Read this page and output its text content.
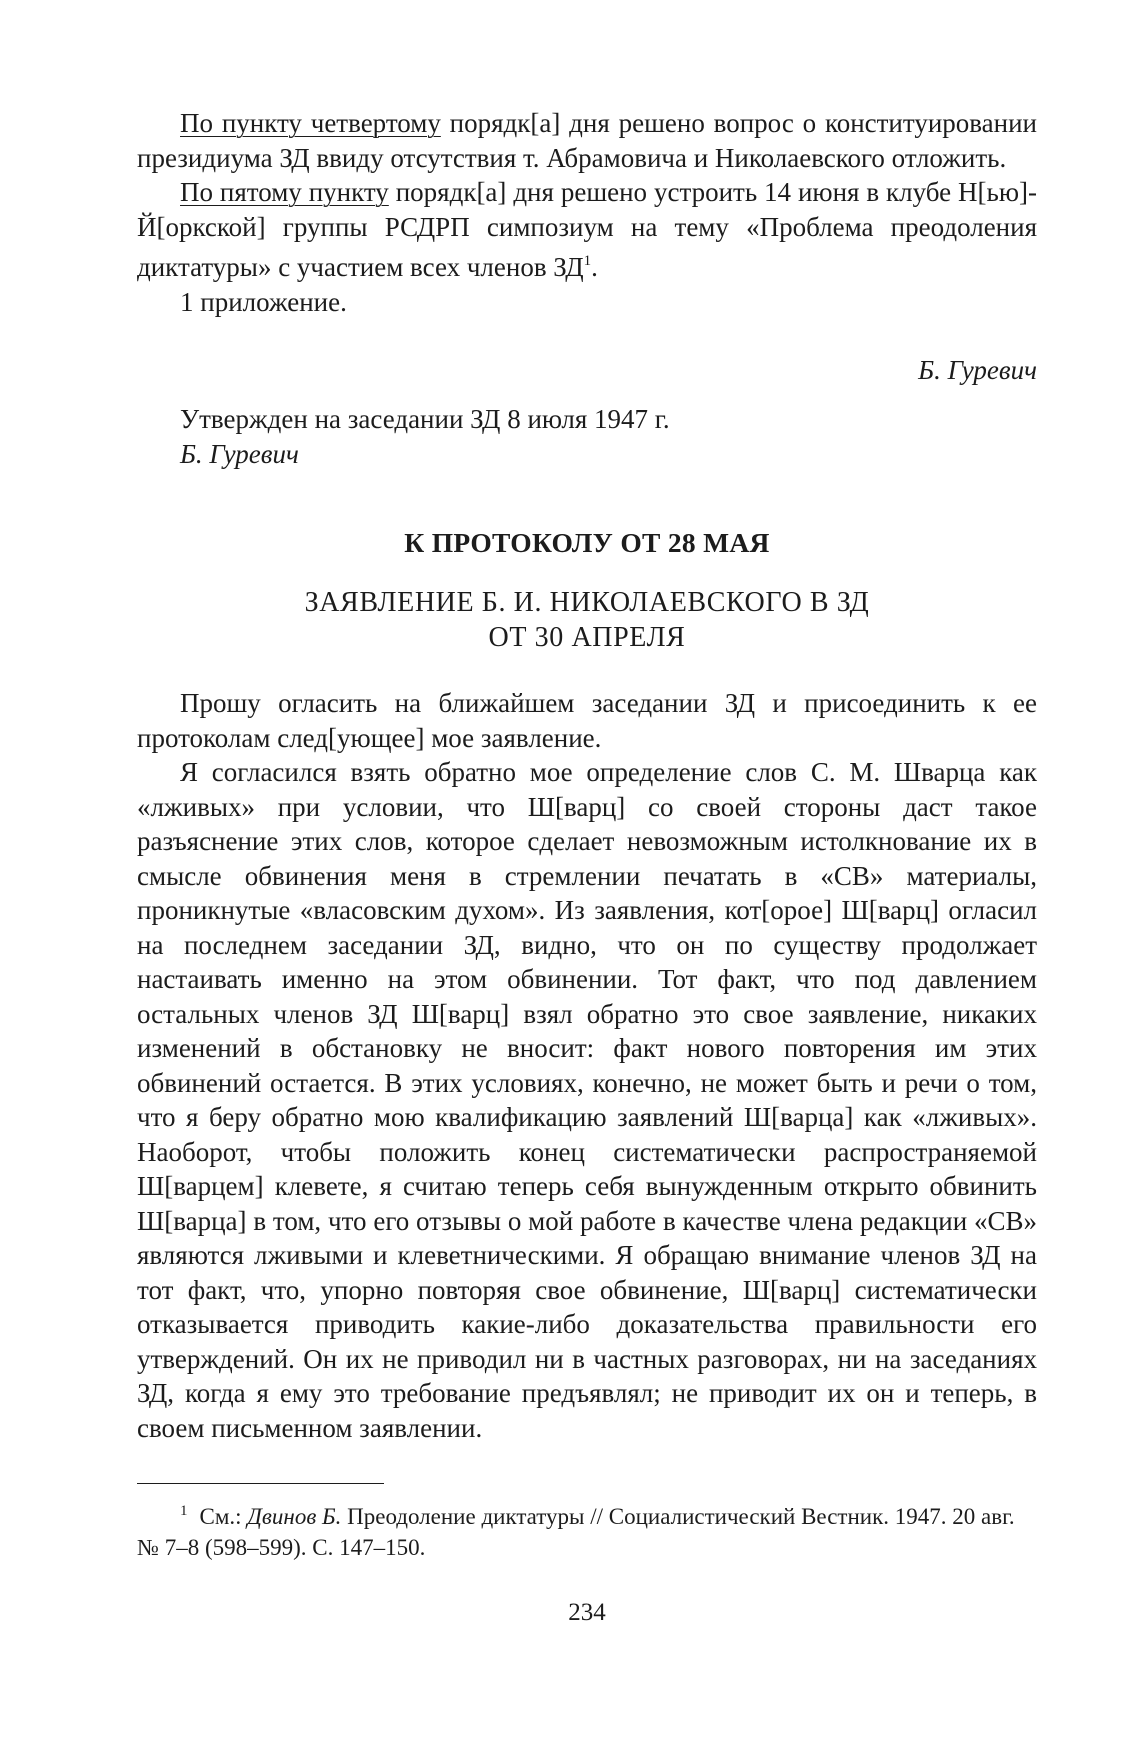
По пункту четвертому порядк[а] дня решено вопрос о конституировании президиума ЗД ввиду отсутствия т. Абрамовича и Николаевского отложить.

По пятому пункту порядк[а] дня решено устроить 14 июня в клубе Н[ью]-Й[оркской] группы РСДРП симпозиум на тему «Проблема преодоления диктатуры» с участием всех членов $ЗД^1$.

1 приложение.

Б. Гуревич
Утвержден на заседании ЗД 8 июля 1947 г.
Б. Гуревич
К ПРОТОКОЛУ ОТ 28 МАЯ
ЗАЯВЛЕНИЕ Б. И. НИКОЛАЕВСКОГО В ЗД
ОТ 30 АПРЕЛЯ

Прошу огласить на ближайшем заседании ЗД и присоединить к ее протоколам след[ующее] мое заявление.

Я согласился взять обратно мое определение слов С. М. Шварца как «лживых» при условии, что Ш[варц] со своей стороны даст такое разъяснение этих слов, которое сделает невозможным истолкнование их в смысле обвинения меня в стремлении печатать в «СВ» материалы, проникнутые «власовским духом». Из заявления, кот[орое] Ш[варц] огласил на последнем заседании ЗД, видно, что он по существу продолжает настаивать именно на этом обвинении. Тот факт, что под давлением остальных членов ЗД Ш[варц] взял обратно это свое заявление, никаких изменений в обстановку не вносит: факт нового повторения им этих обвинений остается. В этих условиях, конечно, не может быть и речи о том, что я беру обратно мою квалификацию заявлений Ш[варца] как «лживых». Наоборот, чтобы положить конец систематически распространяемой Ш[варцем] клевете, я считаю теперь себя вынужденным открыто обвинить Ш[варца] в том, что его отзывы о мой работе в качестве члена редакции «СВ» являются лживыми и клеветническими. Я обращаю внимание членов ЗД на тот факт, что, упорно повторяя свое обвинение, Ш[варц] систематически отказывается приводить какие-либо доказательства правильности его утверждений. Он их не приводил ни в частных разговорах, ни на заседаниях ЗД, когда я ему это требование предъявлял; не приводит их он и теперь, в своем письменном заявлении.

$^1$ См.: Двинов Б. Преодоление диктатуры // Социалистический Вестник. 1947. 20 авг. № 7–8 (598–599). С. 147–150.

234
